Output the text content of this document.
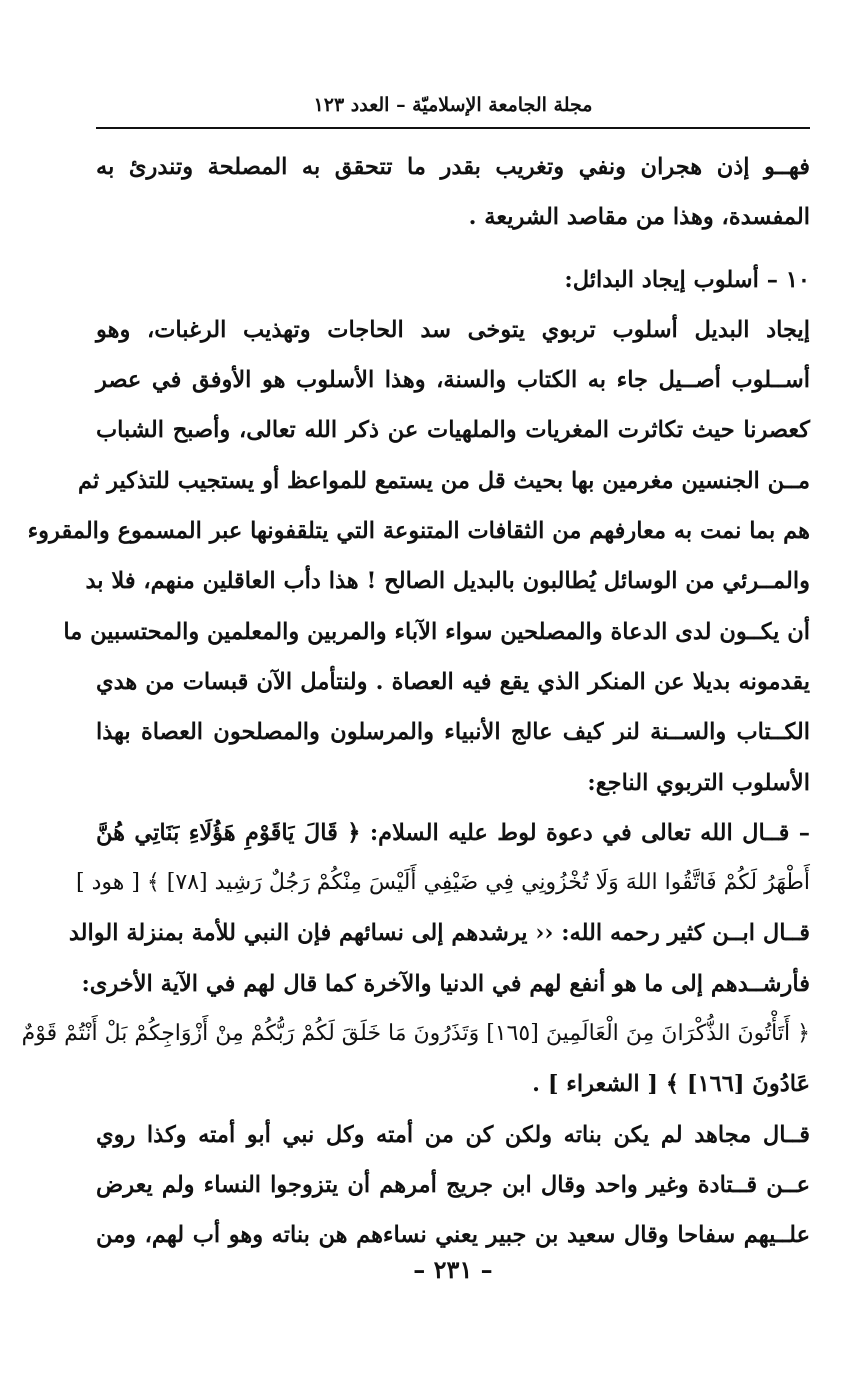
مجلة الجامعة الإسلاميّة – العدد ١٢٣
فهــو إذن هجران ونفي وتغريب بقدر ما تتحقق به المصلحة وتندرئ به
المفسدة، وهذا من مقاصد الشريعة .
١٠ – أسلوب إيجاد البدائل:
إيجاد البديل أسلوب تربوي يتوخى سد الحاجات وتهذيب الرغبات، وهو
أســلوب أصــيل جاء به الكتاب والسنة، وهذا الأسلوب هو الأوفق في عصر
كعصرنا حيث تكاثرت المغريات والملهيات عن ذكر الله تعالى، وأصبح الشباب
مــن الجنسين مغرمين بها بحيث قل من يستمع للمواعظ أو يستجيب للتذكير ثم
هم بما نمت به معارفهم من الثقافات المتنوعة التي يتلقفونها عبر المسموع والمقروء
والمــرئي من الوسائل يُطالبون بالبديل الصالح ! هذا دأب العاقلين منهم، فلا بد
أن يكــون لدى الدعاة والمصلحين سواء الآباء والمربين والمعلمين والمحتسبين ما
يقدمونه بديلا عن المنكر الذي يقع فيه العصاة . ولنتأمل الآن قبسات من هدي
الكــتاب والســنة لنر كيف عالج الأنبياء والمرسلون والمصلحون العصاة بهذا
الأسلوب التربوي الناجع:
– قــال الله تعالى في دعوة لوط عليه السلام: ﴿ قَالَ يَاقَوْمِ هَؤُلَاءِ بَنَاتِي هُنَّ
أَطْهَرُ لَكُمْ فَاتَّقُوا اللهَ وَلَا تُخْزُونِي فِي ضَيْفِي أَلَيْسَ مِنْكُمْ رَجُلٌ رَشِيد [٧٨] ﴾ [ هود ]
قــال ابــن كثير رحمه الله: ‹‹ يرشدهم إلى نسائهم فإن النبي للأمة بمنزلة الوالد
فأرشــدهم إلى ما هو أنفع لهم في الدنيا والآخرة كما قال لهم في الآية الأخرى:
﴿ أَتَأْتُونَ الذُّكْرَانَ مِنَ الْعَالَمِينَ [١٦٥] وَتَذَرُونَ مَا خَلَقَ لَكُمْ رَبُّكُمْ مِنْ أَزْوَاجِكُمْ بَلْ أَنْتُمْ قَوْمٌ
عَادُونَ [١٦٦] ﴾ [ الشعراء ] .
قــال مجاهد لم يكن بناته ولكن كن من أمته وكل نبي أبو أمته وكذا روي
عــن قــتادة وغير واحد وقال ابن جريج أمرهم أن يتزوجوا النساء ولم يعرض
علــيهم سفاحا وقال سعيد بن جبير يعني نساءهم هن بناته وهو أب لهم، ومن
– ٢٣١ –
